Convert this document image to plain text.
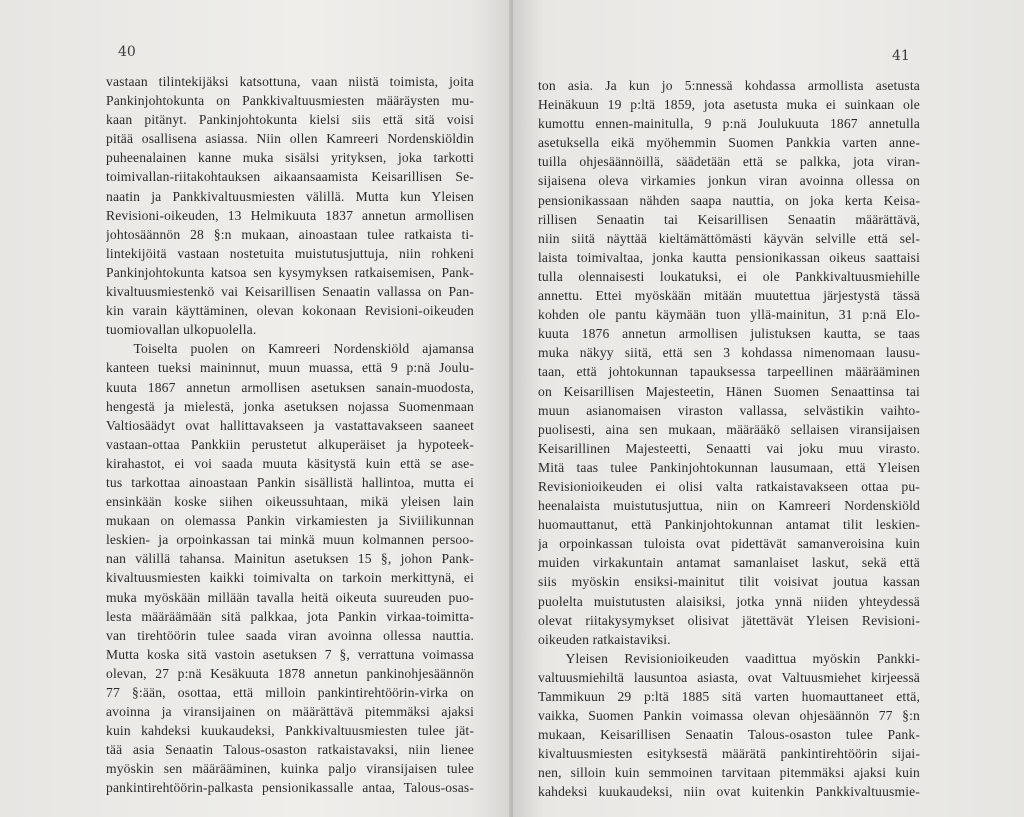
40
vastaan tilintekijäksi katsottuna, vaan niistä toimista, joita
Pankinjohtokunta on Pankkivaltuusmiesten määräysten mu-
kaan pitänyt. Pankinjohtokunta kielsi siis että sitä voisi
pitää osallisena asiassa. Niin ollen Kamreeri Nordenskiöldin
puheenalainen kanne muka sisälsi yrityksen, joka tarkotti
toimivallan-riitakohtauksen aikaansaamista Keisarillisen Se-
naatin ja Pankkivaltuusmiesten välillä. Mutta kun Yleisen
Revisioni-oikeuden, 13 Helmikuuta 1837 annetun armollisen
johtosäännön 28 §:n mukaan, ainoastaan tulee ratkaista ti-
lintekijöitä vastaan nostetuita muistutusjuttuja, niin rohkeni
Pankinjohtokunta katsoa sen kysymyksen ratkaisemisen, Pank-
kivaltuusmiestenkö vai Keisarillisen Senaatin vallassa on Pan-
kin varain käyttäminen, olevan kokonaan Revisioni-oikeuden
tuomiovallan ulkopuolella.
  Toiselta puolen on Kamreeri Nordenskiöld ajamansa
kanteen tueksi maininnut, muun muassa, että 9 p:nä Joulu-
kuuta 1867 annetun armollisen asetuksen sanain-muodosta,
hengestä ja mielestä, jonka asetuksen nojassa Suomenmaan
Valtiosäädyt ovat hallittavakseen ja vastattavakseen saaneet
vastaan-ottaa Pankkiin perustetut alkuperäiset ja hypoteek-
kirahastot, ei voi saada muuta käsitystä kuin että se ase-
tus tarkottaa ainoastaan Pankin sisällistä hallintoa, mutta ei
ensinkään koske siihen oikeussuhtaan, mikä yleisen lain
mukaan on olemassa Pankin virkamiesten ja Siviilikunnan
leskien- ja orpoinkassan tai minkä muun kolmannen persoo-
nan välillä tahansa. Mainitun asetuksen 15 §, johon Pank-
kivaltuusmiesten kaikki toimivalta on tarkoin merkittynä, ei
muka myöskään millään tavalla heitä oikeuta suureuden puo-
lesta määräämään sitä palkkaa, jota Pankin virkaa-toimitta-
van tirehtöörin tulee saada viran avoinna ollessa nauttia.
Mutta koska sitä vastoin asetuksen 7 §, verrattuna voimassa
olevan, 27 p:nä Kesäkuuta 1878 annetun pankinohjesäännön
77 §:ään, osottaa, että milloin pankintirehtöörin-virka on
avoinna ja viransijainen on määrättävä pitemmäksi ajaksi
kuin kahdeksi kuukaudeksi, Pankkivaltuusmiesten tulee jät-
tää asia Senaatin Talous-osaston ratkaistavaksi, niin lienee
myöskin sen määrääminen, kuinka paljo viransijaisen tulee
pankintirehtöörin-palkasta pensionikassalle antaa, Talous-osas-
41
ton asia. Ja kun jo 5:nnessä kohdassa armollista asetusta
Heinäkuun 19 p:ltä 1859, jota asetusta muka ei suinkaan ole
kumottu ennen-mainitulla, 9 p:nä Joulukuuta 1867 annetulla
asetuksella eikä myöhemmin Suomen Pankkia varten anne-
tuilla ohjesäännöillä, säädetään että se palkka, jota viran-
sijaisena oleva virkamies jonkun viran avoinna ollessa on
pensionikassaan nähden saapa nauttia, on joka kerta Keisa-
rillisen Senaatin tai Keisarillisen Senaatin määrättävä,
niin siitä näyttää kieltämättömästi käyvän selville että sel-
laista toimivaltaa, jonka kautta pensionikassan oikeus saattaisi
tulla olennaisesti loukatuksi, ei ole Pankkivaltuusmiehille
annettu. Ettei myöskään mitään muutettua järjestystä tässä
kohden ole pantu käymään tuon yllä-mainitun, 31 p:nä Elo-
kuuta 1876 annetun armollisen julistuksen kautta, se taas
muka näkyy siitä, että sen 3 kohdassa nimenomaan lausu-
taan, että johtokunnan tapauksessa tarpeellinen määrääminen
on Keisarillisen Majesteetin, Hänen Suomen Senaattinsa tai
muun asianomaisen viraston vallassa, selvästikin vaihto-
puolisesti, aina sen mukaan, määrääkö sellaisen viransijaisen
Keisarillinen Majesteetti, Senaatti vai joku muu virasto.
Mitä taas tulee Pankinjohtokunnan lausumaan, että Yleisen
Revisionioikeuden ei olisi valta ratkaistavakseen ottaa pu-
heenalaista muistutusjuttua, niin on Kamreeri Nordenskiöld
huomauttanut, että Pankinjohtokunnan antamat tilit leskien-
ja orpoinkassan tuloista ovat pidettävät samanveroisina kuin
muiden virkakuntain antamat samanlaiset laskut, sekä että
siis myöskin ensiksi-mainitut tilit voisivat joutua kassan
puolelta muistutusten alaisiksi, jotka ynnä niiden yhteydessä
olevat riitakysymykset olisivat jätettävät Yleisen Revisioni-
oikeuden ratkaistaviksi.
  Yleisen Revisionioikeuden vaadittua myöskin Pankki-
valtuusmiehiltä lausuntoa asiasta, ovat Valtuusmiehet kirjeessä
Tammikuun 29 p:ltä 1885 sitä varten huomauttaneet että,
vaikka, Suomen Pankin voimassa olevan ohjesäännön 77 §:n
mukaan, Keisarillisen Senaatin Talous-osaston tulee Pank-
kivaltuusmiesten esityksestä määrätä pankintirehtöörin sijai-
nen, silloin kuin semmoinen tarvitaan pitemmäksi ajaksi kuin
kahdeksi kuukaudeksi, niin ovat kuitenkin Pankkivaltuusmie-
